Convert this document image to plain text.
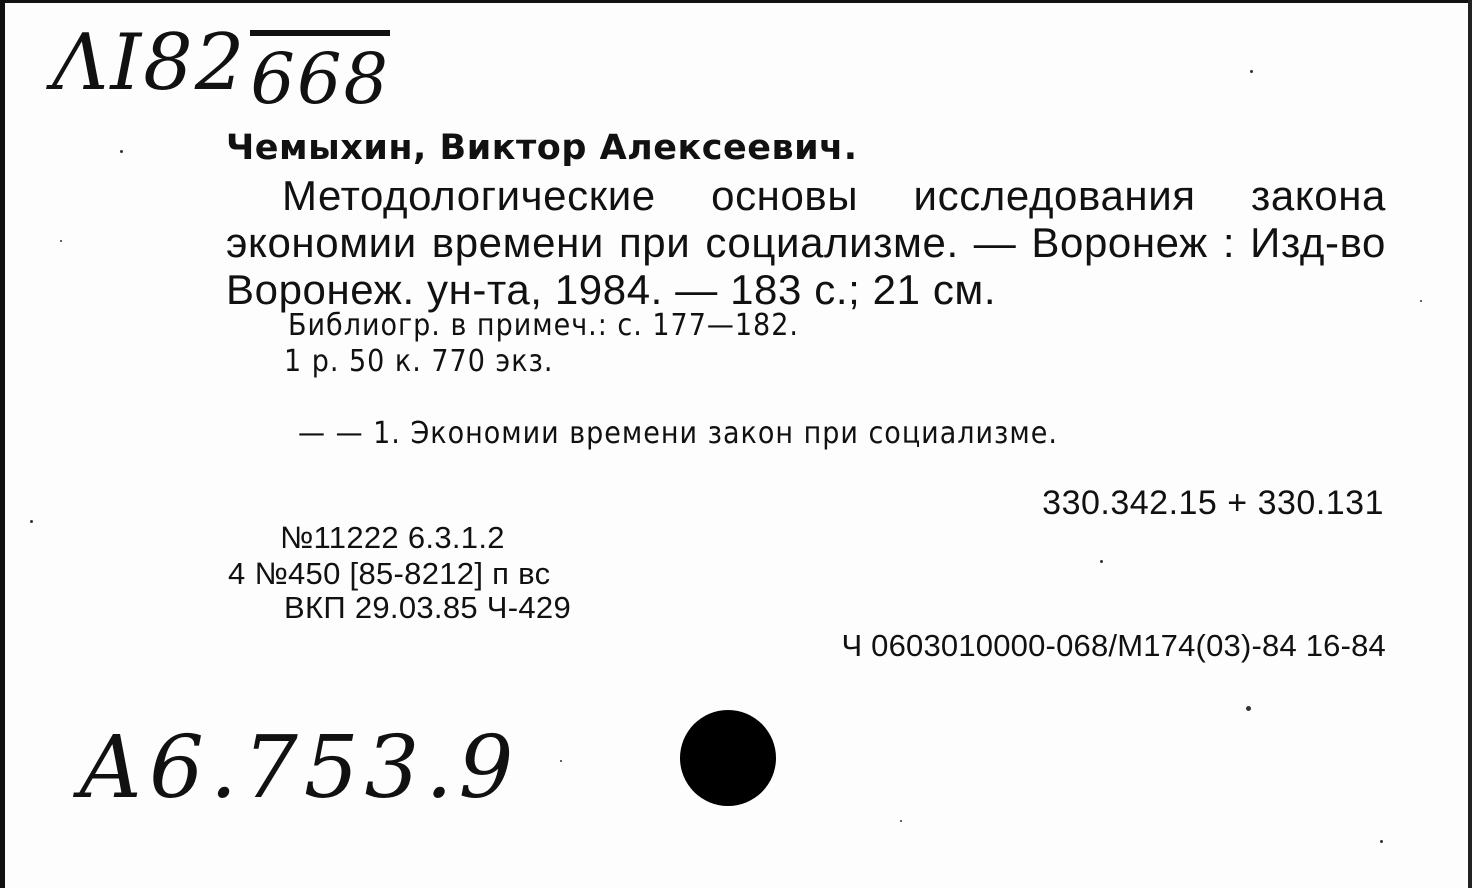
ΛΙ82668
Чемыхин, Виктор Алексеевич.
Методологические основы исследования закона экономии времени при социализме. — Воронеж : Изд-во Воронеж. ун-та, 1984. — 183 с.; 21 см.
Библиогр. в примеч.: с. 177—182.
1 р. 50 к. 770 экз.
— — 1. Экономии времени закон при социализме.
330.342.15 + 330.131
№11222 6.3.1.2
4 №450 [85-8212] п вс
ВКП 29.03.85 Ч-429
Ч 0603010000-068/М174(03)-84 16-84
А6.753.9
